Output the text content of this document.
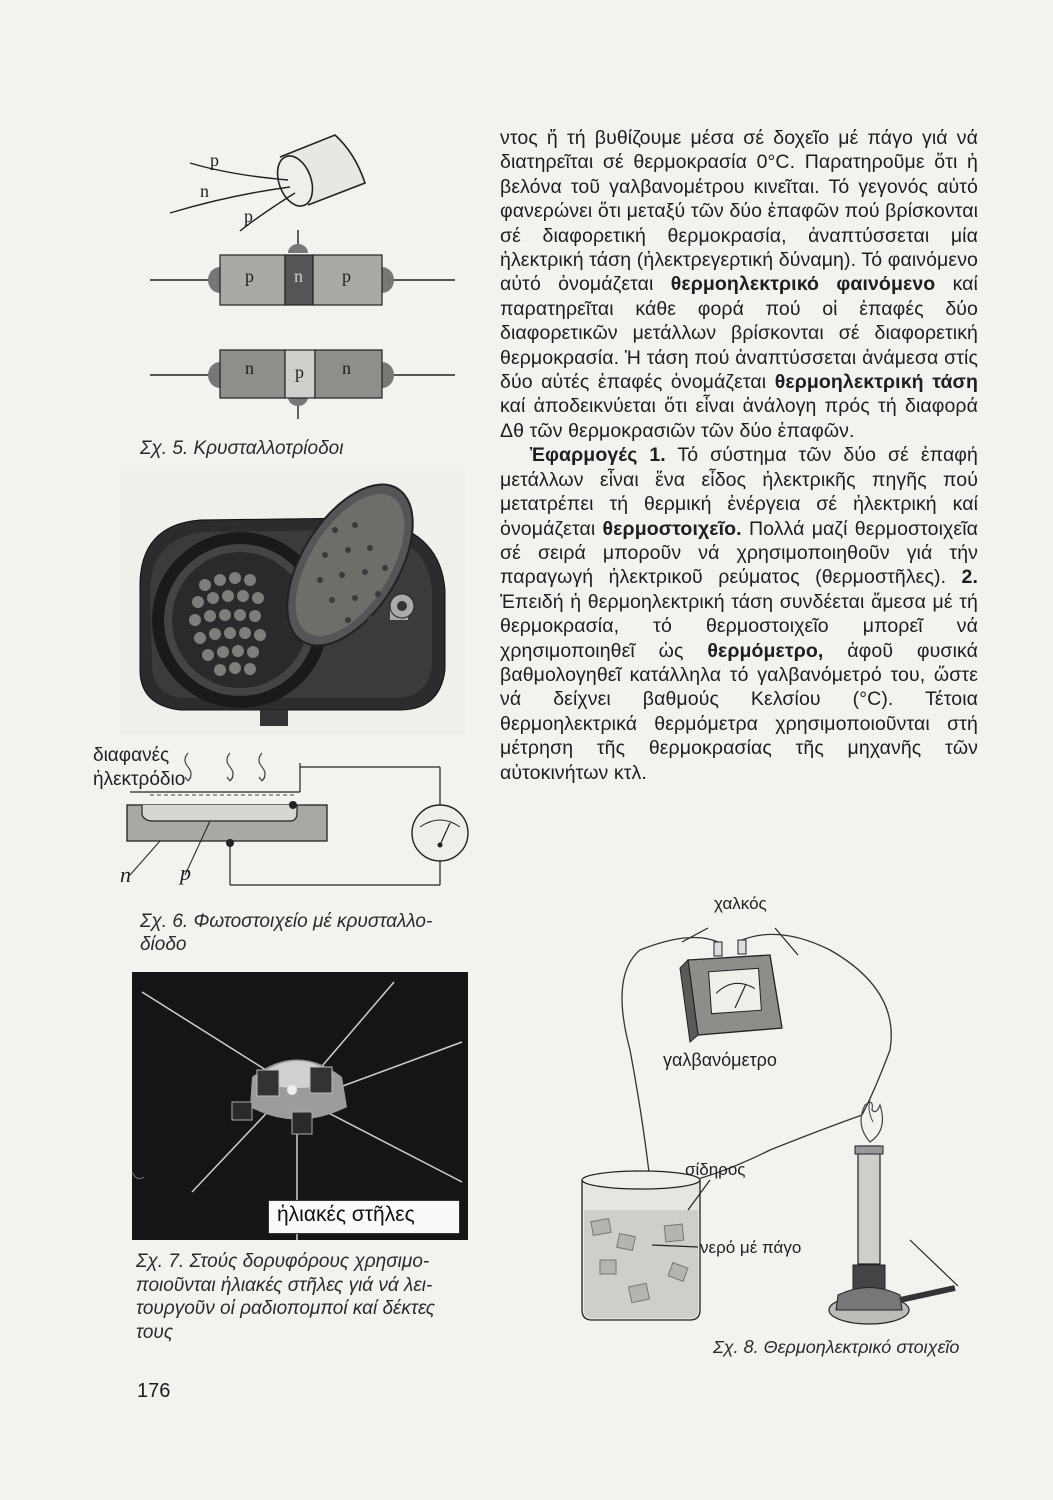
p
n
p
p n p
n p n
Σχ. 5. Κρυσταλλοτρίοδοι
διαφανές
ἠλεκτρόδιο
n p
Σχ. 6. Φωτοστοιχείο μέ κρυσταλλο-
δίοδο
ἡλιακές στῆλες
Σχ. 7. Στούς δορυφόρους χρησιμο-
ποιοῦνται ἡλιακές στῆλες γιά νά λει-
τουργοῦν οἱ ραδιοπομποί καί δέκτες
τους

ντος ἤ τή βυθίζουμε μέσα σέ δοχεῖο μέ πάγο γιά νά διατηρεῖται σέ θερμοκρασία 0°C. Παρατηροῦμε ὅτι ἡ βελόνα τοῦ γαλβανομέτρου κινεῖται. Τό γεγονός αὐτό φανερώνει ὅτι μεταξύ τῶν δύο ἐπαφῶν πού βρίσκονται σέ διαφορετική θερμοκρασία, ἀναπτύσσεται μία ἠλεκτρική τάση (ἠλεκτρεγερτική δύναμη). Τό φαινόμενο αὐτό ὀνομάζεται θερμοηλεκτρικό φαινόμενο καί παρατηρεῖται κάθε φορά πού οἱ ἐπαφές δύο διαφορετικῶν μετάλλων βρίσκονται σέ διαφορετική θερμοκρασία. Ἡ τάση πού ἀναπτύσσεται ἀνάμεσα στίς δύο αὐτές ἐπαφές ὀνομάζεται θερμοηλεκτρική τάση καί ἀποδεικνύεται ὅτι εἶναι ἀνάλογη πρός τή διαφορά Δθ τῶν θερμοκρασιῶν τῶν δύο ἐπαφῶν.

Ἐφαρμογές 1. Τό σύστημα τῶν δύο σέ ἐπαφή μετάλλων εἶναι ἕνα εἶδος ἠλεκτρικῆς πηγῆς πού μετατρέπει τή θερμική ἐνέργεια σέ ἠλεκτρική καί ὀνομάζεται θερμοστοιχεῖο. Πολλά μαζί θερμοστοιχεῖα σέ σειρά μποροῦν νά χρησιμοποιηθοῦν γιά τήν παραγωγή ἠλεκτρικοῦ ρεύματος (θερμοστῆλες). 2. Ἐπειδή ἡ θερμοηλεκτρική τάση συνδέεται ἄμεσα μέ τή θερμοκρασία, τό θερμοστοιχεῖο μπορεῖ νά χρησιμοποιηθεῖ ὡς θερμόμετρο, ἀφοῦ φυσικά βαθμολογηθεῖ κατάλληλα τό γαλβανόμετρό του, ὥστε νά δείχνει βαθμούς Κελσίου (°C). Τέτοια θερμοηλεκτρικά θερμόμετρα χρησιμοποιοῦνται στή μέτρηση τῆς θερμοκρασίας τῆς μηχανῆς τῶν αὐτοκινήτων κτλ.

χαλκός
γαλβανόμετρο
σίδηρος
νερό μέ πάγο
Σχ. 8. Θερμοηλεκτρικό στοιχεῖο
176
